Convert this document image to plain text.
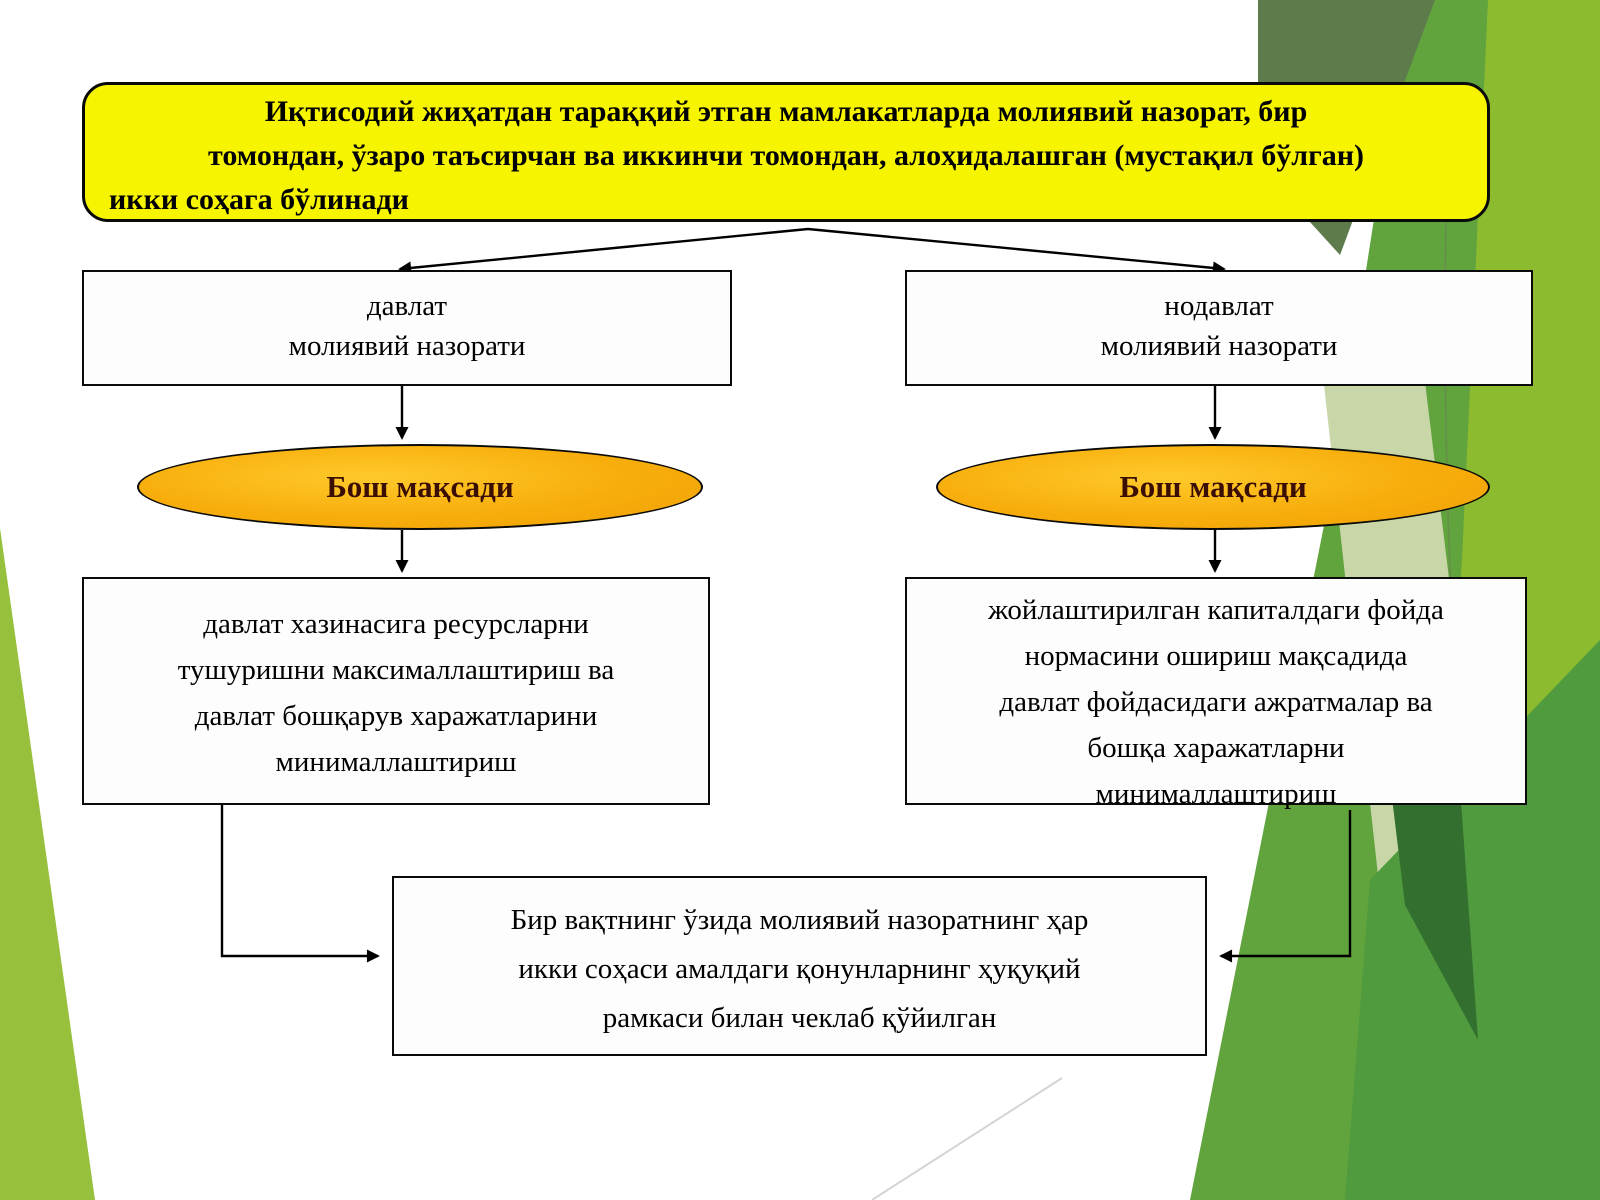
Иқтисодий жиҳатдан тараққий этган мамлакатларда молиявий назорат, бир
томондан, ўзаро таъсирчан ва иккинчи томондан, алоҳидалашган (мустақил бўлган)
икки соҳага бўлинади
давлат
молиявий назорати
нодавлат
молиявий назорати
Бош мақсади	Бош мақсади
давлат хазинасига ресурсларни
тушуришни максималлаштириш ва
давлат бошқарув харажатларини
минималлаштириш
жойлаштирилган капиталдаги фойда
нормасини ошириш мақсадида
давлат фойдасидаги ажратмалар ва
бошқа харажатларни
минималлаштириш
Бир вақтнинг ўзида молиявий назоратнинг ҳар
икки соҳаси амалдаги қонунларнинг ҳуқуқий
рамкаси билан чеклаб қўйилган
